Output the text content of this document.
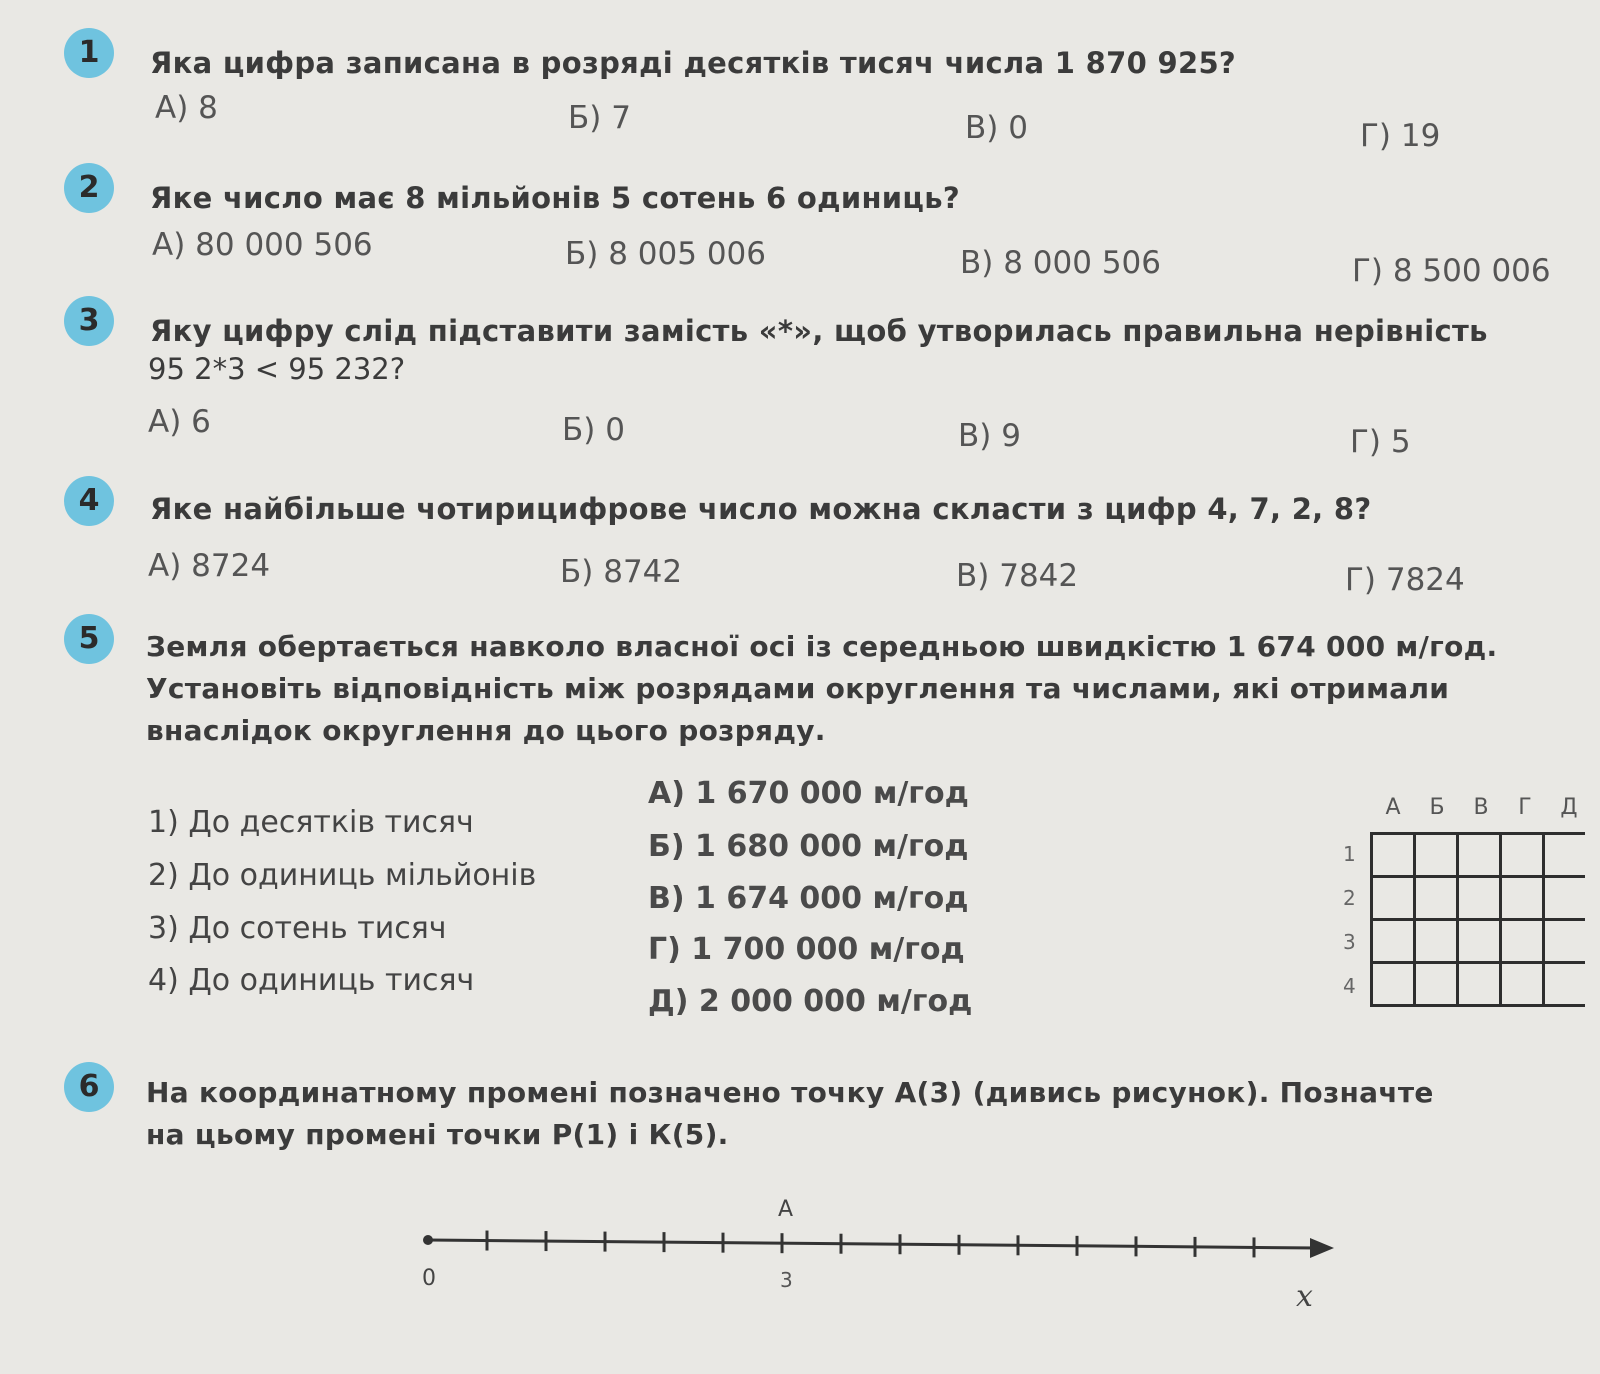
1	Яка цифра записана в розряді десятків тисяч числа 1 870 925?
А) 8	Б) 7	В) 0	Г) 19
2	Яке число має 8 мільйонів 5 сотень 6 одиниць?
А) 80 000 506	Б) 8 005 006	В) 8 000 506	Г) 8 500 006
3	Яку цифру слід підставити замість «*», щоб утворилась правильна нерівність
95 2*3 < 95 232?
А) 6	Б) 0	В) 9	Г) 5
4	Яке найбільше чотирицифрове число можна скласти з цифр 4, 7, 2, 8?
А) 8724	Б) 8742	В) 7842	Г) 7824
5	Земля обертається навколо власної осі із середньою швидкістю 1 674 000 м/год.
Установіть відповідність між розрядами округлення та числами, які отримали
внаслідок округлення до цього розряду.
1) До десятків тисяч
2) До одиниць мільйонів
3) До сотень тисяч
4) До одиниць тисяч
А) 1 670 000 м/год
Б) 1 680 000 м/год
В) 1 674 000 м/год
Г) 1 700 000 м/год
Д) 2 000 000 м/год
А Б В Г Д
1
2
3
4

6	На координатному промені позначено точку А(3) (дивись рисунок). Позначте
на цьому промені точки Р(1) і К(5).
0
А
3	x
